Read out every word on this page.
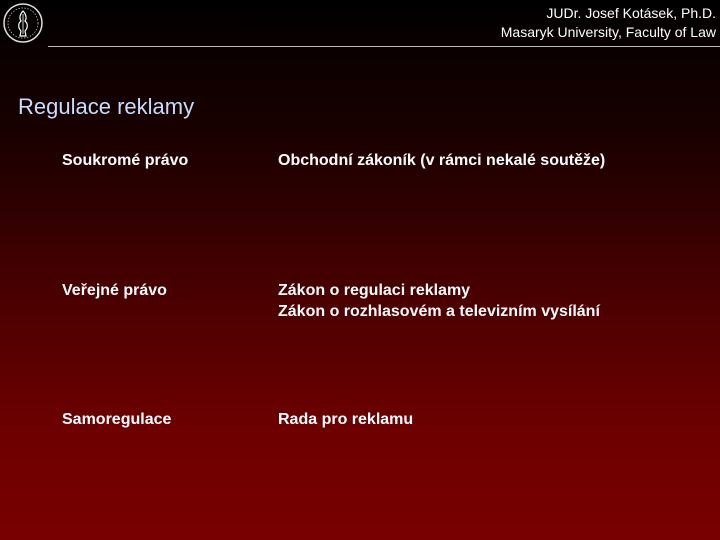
JUDr. Josef Kotásek, Ph.D.
Masaryk University, Faculty of Law
Regulace reklamy
Soukromé právo	Obchodní zákoník (v rámci nekalé soutěže)
Veřejné právo	Zákon o regulaci reklamy
Zákon o rozhlasovém a televizním vysílání
Samoregulace	Rada pro reklamu
